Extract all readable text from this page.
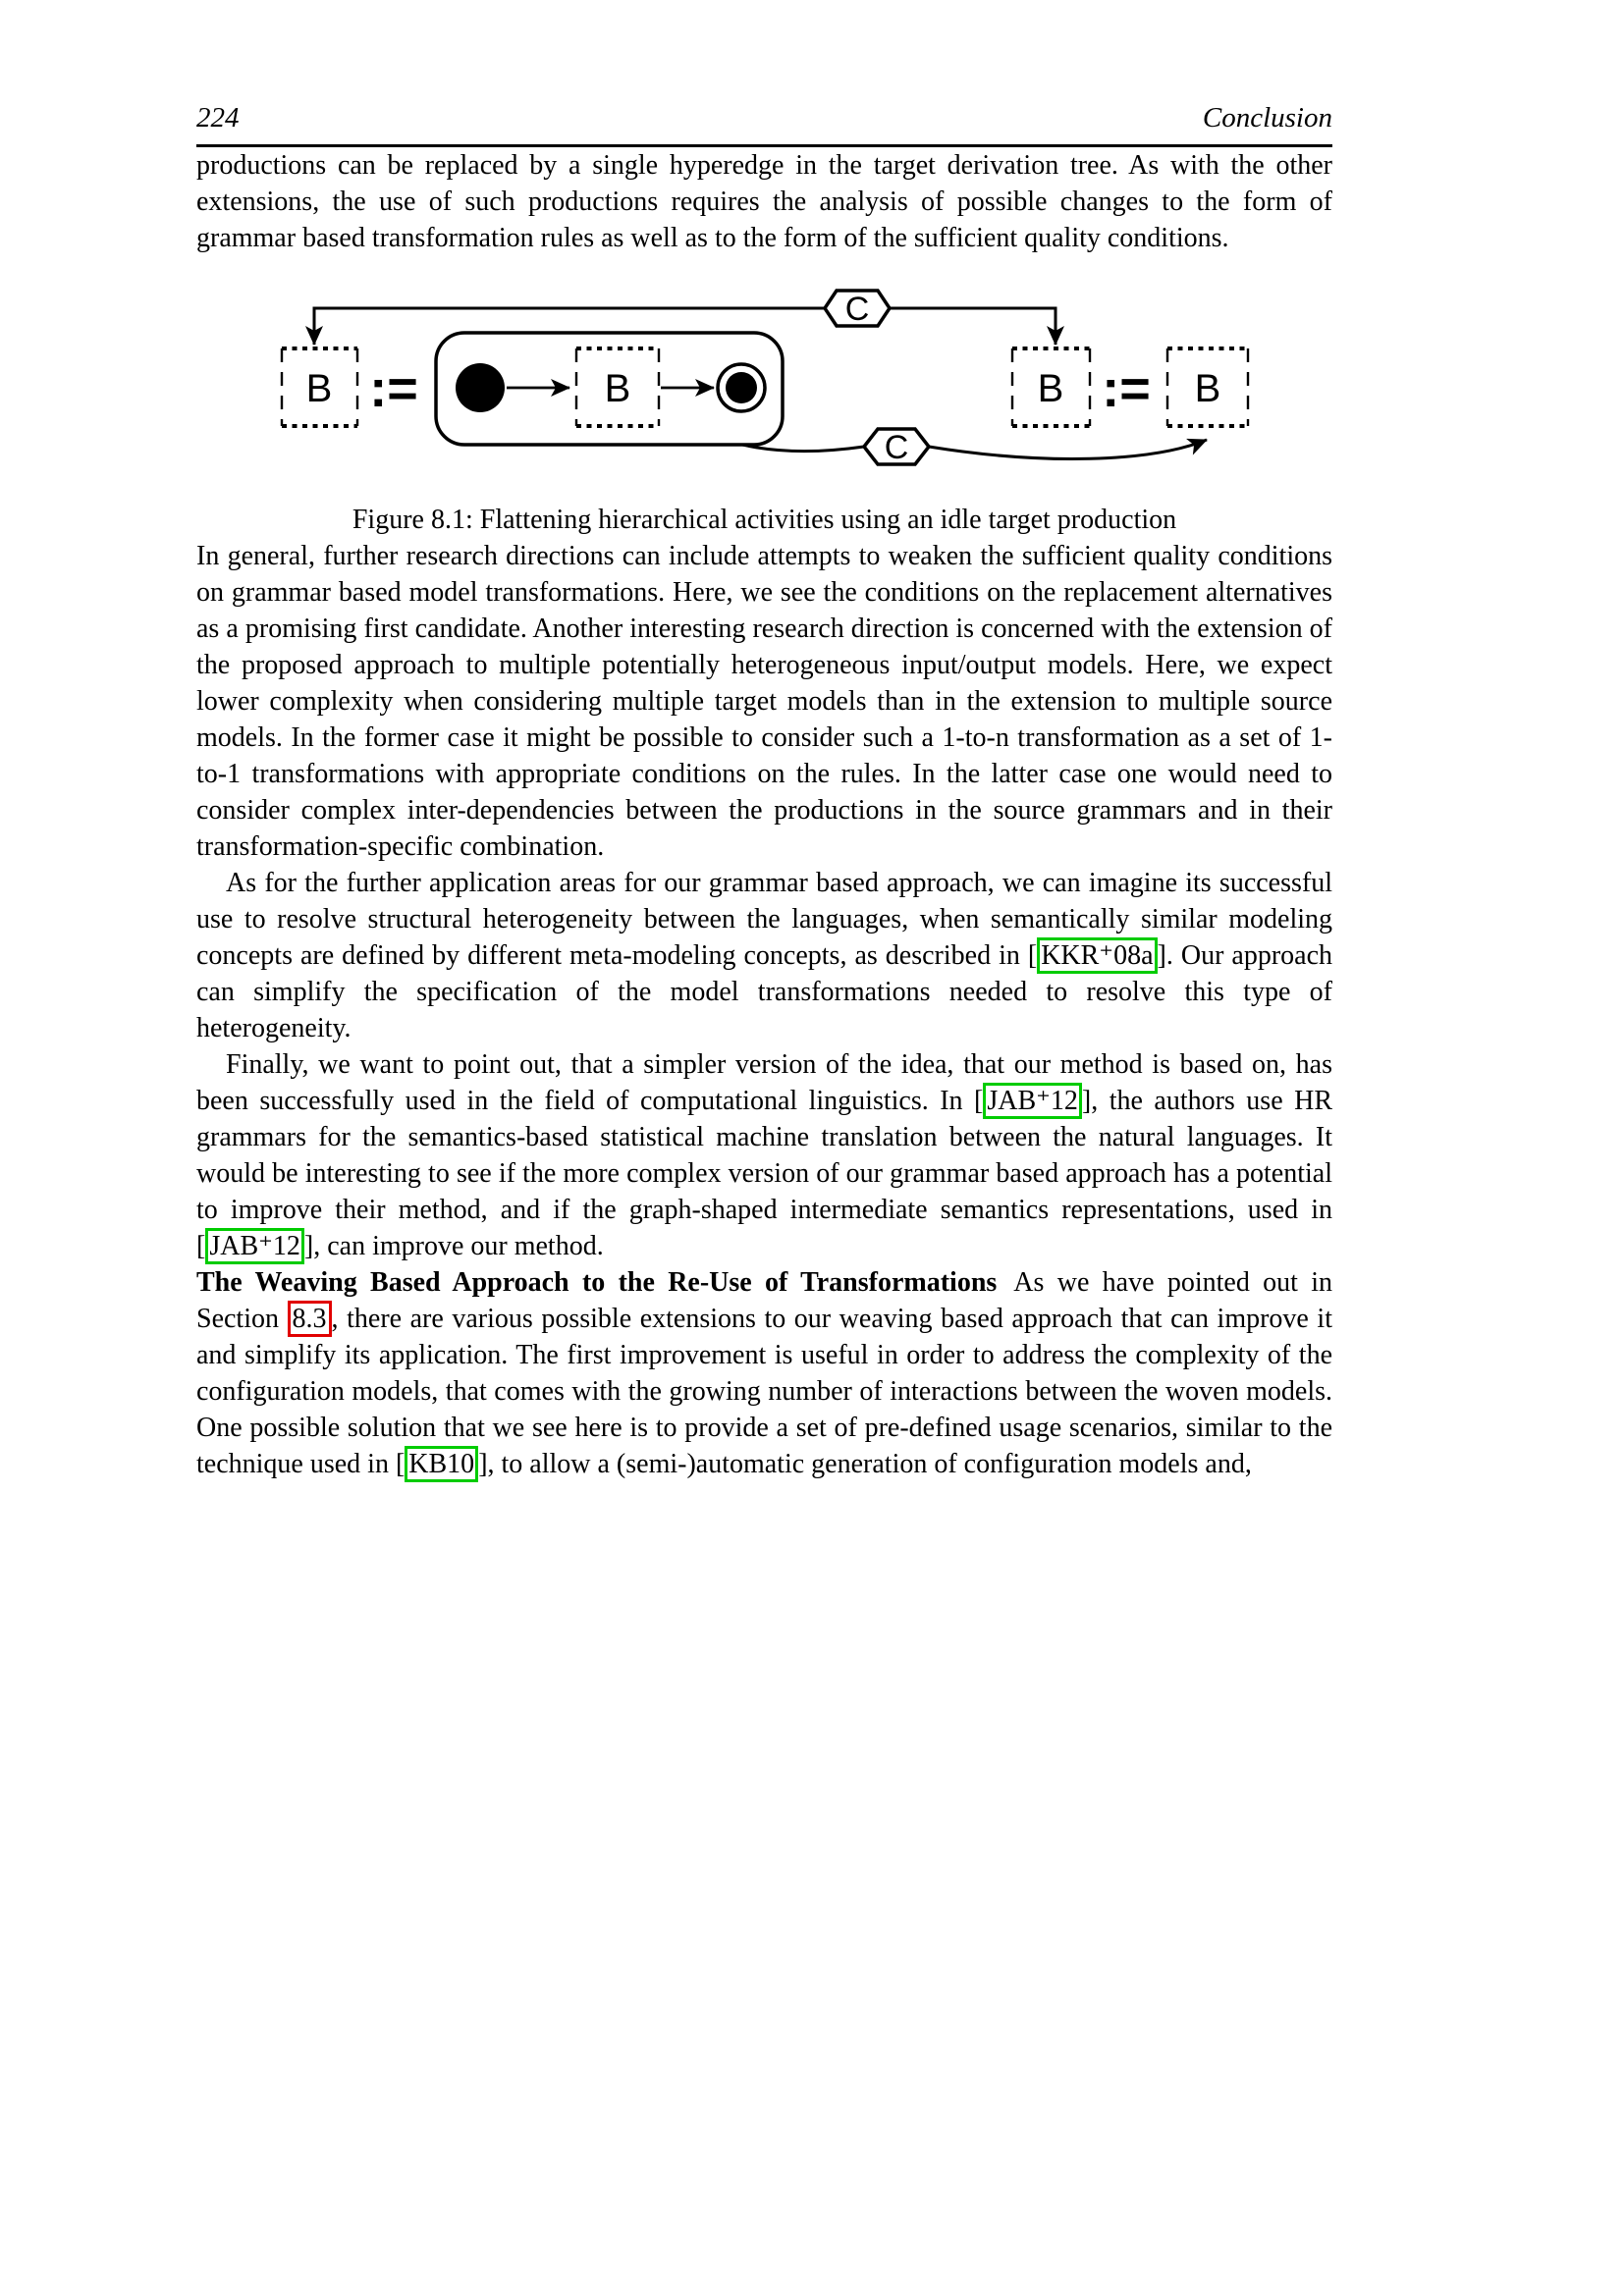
224	Conclusion

productions can be replaced by a single hyperedge in the target derivation tree. As with the other extensions, the use of such productions requires the analysis of possible changes to the form of grammar based transformation rules as well as to the form of the sufficient quality conditions.

B :=	B	B := B
C
C
Figure 8.1: Flattening hierarchical activities using an idle target production

In general, further research directions can include attempts to weaken the sufficient quality conditions on grammar based model transformations. Here, we see the conditions on the replacement alternatives as a promising first candidate. Another interesting research direction is concerned with the extension of the proposed approach to multiple potentially heterogeneous input/output models. Here, we expect lower complexity when considering multiple target models than in the extension to multiple source models. In the former case it might be possible to consider such a 1-to-n transformation as a set of 1-to-1 transformations with appropriate conditions on the rules. In the latter case one would need to consider complex inter-dependencies between the productions in the source grammars and in their transformation-specific combination.

As for the further application areas for our grammar based approach, we can imagine its successful use to resolve structural heterogeneity between the languages, when semantically similar modeling concepts are defined by different meta-modeling concepts, as described in [ KKR⁺08a ]. Our approach can simplify the specification of the model transformations needed to resolve this type of heterogeneity.

Finally, we want to point out, that a simpler version of the idea, that our method is based on, has been successfully used in the field of computational linguistics. In [ JAB⁺12 ], the authors use HR grammars for the semantics-based statistical machine translation between the natural languages. It would be interesting to see if the more complex version of our grammar based approach has a potential to improve their method, and if the graph-shaped intermediate semantics representations, used in [ JAB⁺12 ], can improve our method.

The Weaving Based Approach to the Re-Use of Transformations As we have pointed out in Section 8.3 , there are various possible extensions to our weaving based approach that can improve it and simplify its application. The first improvement is useful in order to address the complexity of the configuration models, that comes with the growing number of interactions between the woven models. One possible solution that we see here is to provide a set of pre-defined usage scenarios, similar to the technique used in [ KB10 ], to allow a (semi-)automatic generation of configuration models and,
